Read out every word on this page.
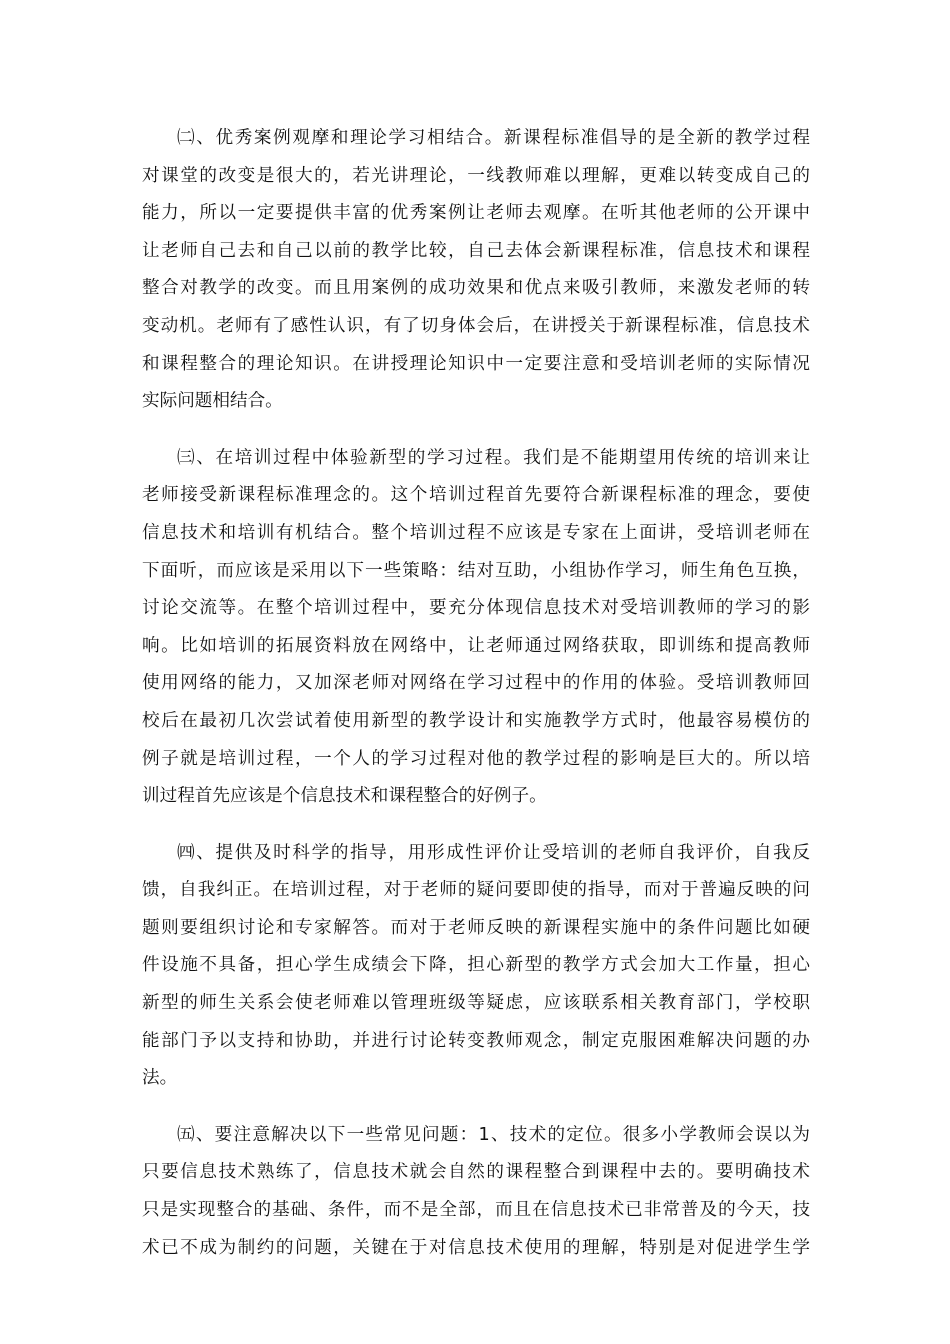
㈡、优秀案例观摩和理论学习相结合。新课程标准倡导的是全新的教学过程
对课堂的改变是很大的，若光讲理论，一线教师难以理解，更难以转变成自己的
能力，所以一定要提供丰富的优秀案例让老师去观摩。在听其他老师的公开课中
让老师自己去和自己以前的教学比较，自己去体会新课程标准，信息技术和课程
整合对教学的改变。而且用案例的成功效果和优点来吸引教师，来激发老师的转
变动机。老师有了感性认识，有了切身体会后，在讲授关于新课程标准，信息技术
和课程整合的理论知识。在讲授理论知识中一定要注意和受培训老师的实际情况
实际问题相结合。
㈢、在培训过程中体验新型的学习过程。我们是不能期望用传统的培训来让
老师接受新课程标准理念的。这个培训过程首先要符合新课程标准的理念，要使
信息技术和培训有机结合。整个培训过程不应该是专家在上面讲，受培训老师在
下面听，而应该是采用以下一些策略：结对互助，小组协作学习，师生角色互换，
讨论交流等。在整个培训过程中，要充分体现信息技术对受培训教师的学习的影
响。比如培训的拓展资料放在网络中，让老师通过网络获取，即训练和提高教师
使用网络的能力，又加深老师对网络在学习过程中的作用的体验。受培训教师回
校后在最初几次尝试着使用新型的教学设计和实施教学方式时，他最容易模仿的
例子就是培训过程，一个人的学习过程对他的教学过程的影响是巨大的。所以培
训过程首先应该是个信息技术和课程整合的好例子。
㈣、提供及时科学的指导，用形成性评价让受培训的老师自我评价，自我反
馈，自我纠正。在培训过程，对于老师的疑问要即使的指导，而对于普遍反映的问
题则要组织讨论和专家解答。而对于老师反映的新课程实施中的条件问题比如硬
件设施不具备，担心学生成绩会下降，担心新型的教学方式会加大工作量，担心
新型的师生关系会使老师难以管理班级等疑虑，应该联系相关教育部门，学校职
能部门予以支持和协助，并进行讨论转变教师观念，制定克服困难解决问题的办
法。
㈤、要注意解决以下一些常见问题：1、技术的定位。很多小学教师会误以为
只要信息技术熟练了，信息技术就会自然的课程整合到课程中去的。要明确技术
只是实现整合的基础、条件，而不是全部，而且在信息技术已非常普及的今天，技
术已不成为制约的问题，关键在于对信息技术使用的理解，特别是对促进学生学
